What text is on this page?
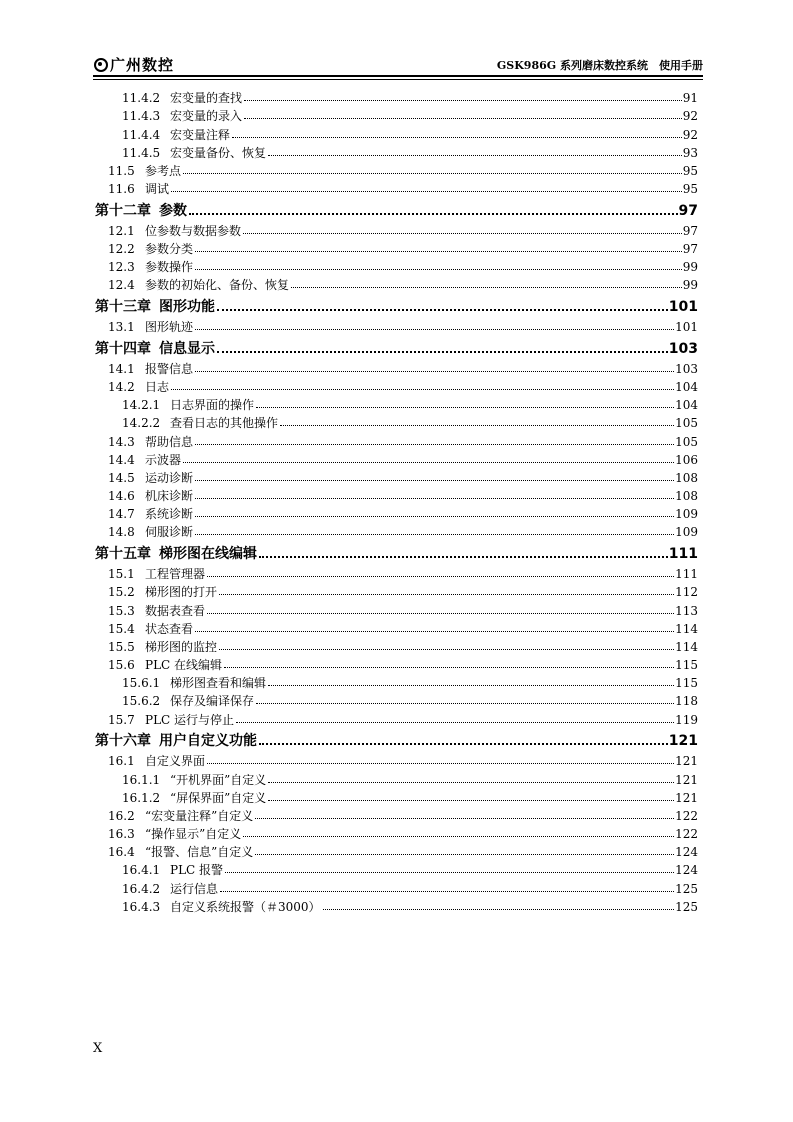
广州数控	GSK986G 系列磨床数控系统　使用手册
11.4.2 宏变量的查找	91
11.4.3 宏变量的录入	92
11.4.4 宏变量注释	92
11.4.5 宏变量备份、恢复	93
11.5 参考点	95
11.6 调试	95
第十二章 参数	97
12.1 位参数与数据参数	97
12.2 参数分类	97
12.3 参数操作	99
12.4 参数的初始化、备份、恢复	99
第十三章 图形功能	101
13.1 图形轨迹	101
第十四章 信息显示	103
14.1 报警信息	103
14.2 日志	104
14.2.1 日志界面的操作	104
14.2.2 查看日志的其他操作	105
14.3 帮助信息	105
14.4 示波器	106
14.5 运动诊断	108
14.6 机床诊断	108
14.7 系统诊断	109
14.8 伺服诊断	109
第十五章 梯形图在线编辑	111
15.1 工程管理器	111
15.2 梯形图的打开	112
15.3 数据表查看	113
15.4 状态查看	114
15.5 梯形图的监控	114
15.6 PLC 在线编辑	115
15.6.1 梯形图查看和编辑	115
15.6.2 保存及编译保存	118
15.7 PLC 运行与停止	119
第十六章 用户自定义功能	121
16.1 自定义界面	121
16.1.1 “开机界面”自定义	121
16.1.2 “屏保界面”自定义	121
16.2 “宏变量注释”自定义	122
16.3 “操作显示”自定义	122
16.4 “报警、信息”自定义	124
16.4.1 PLC 报警	124
16.4.2 运行信息	125
16.4.3 自定义系统报警（＃3000）	125
X
